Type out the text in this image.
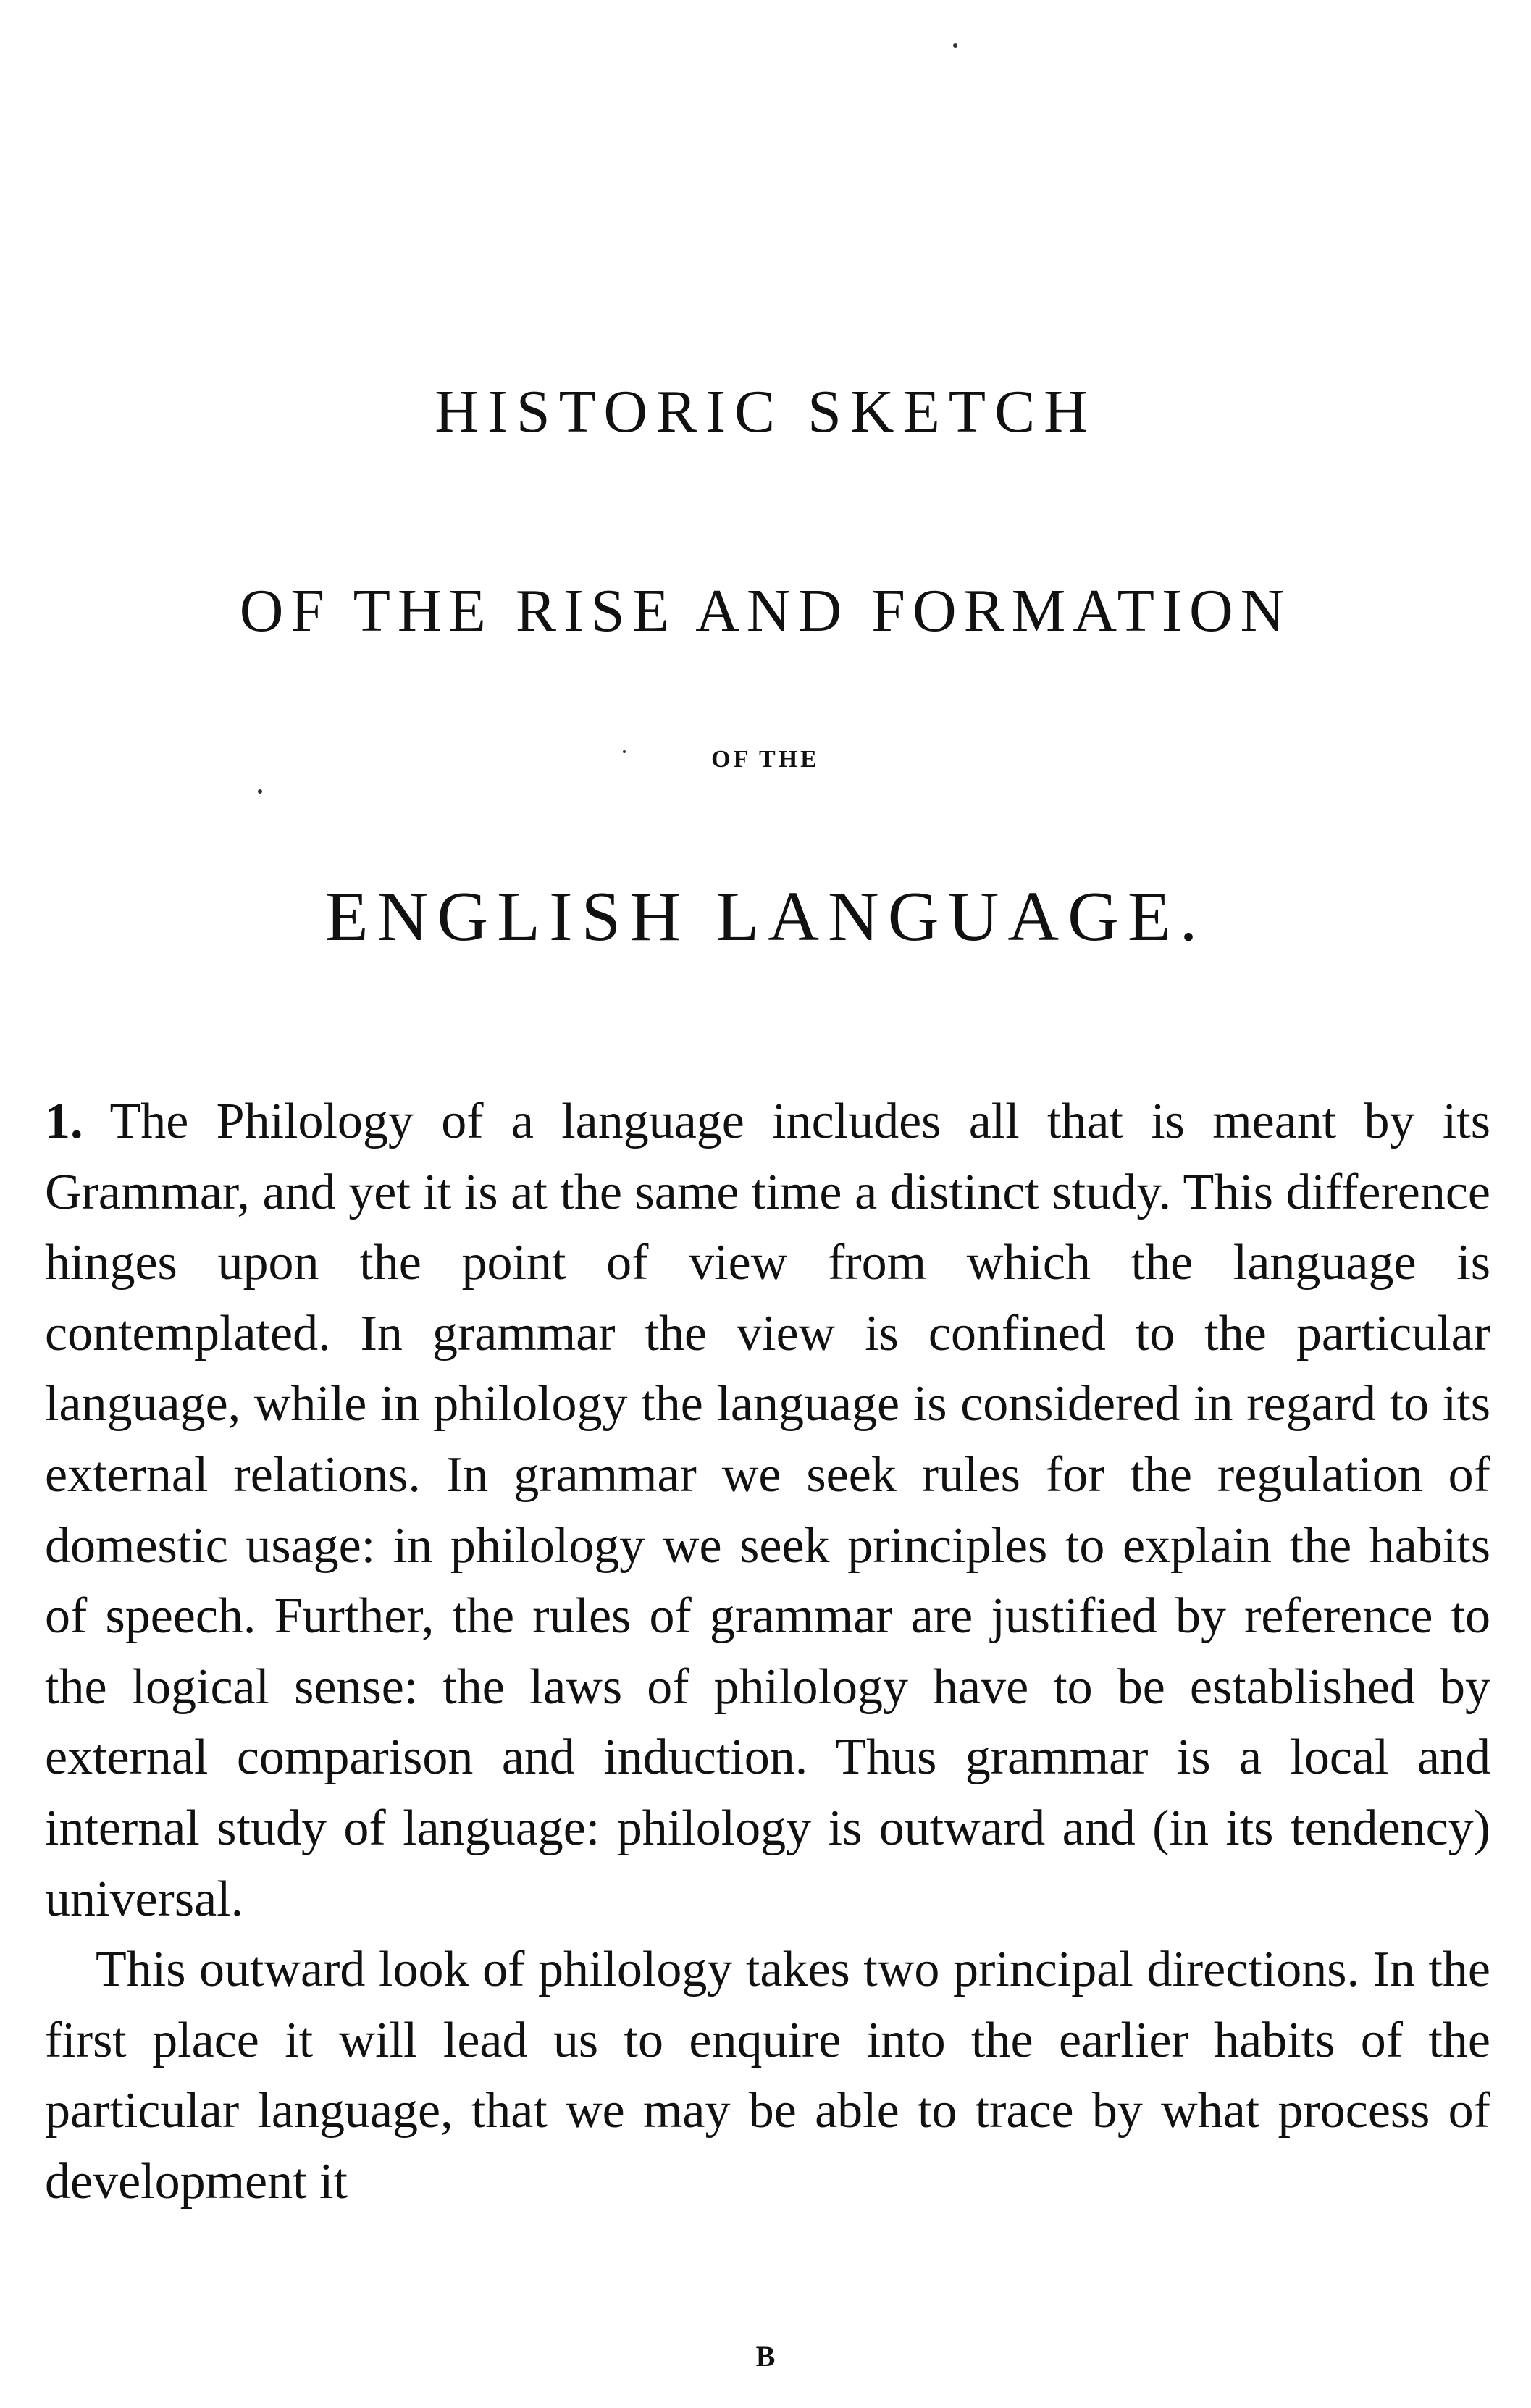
HISTORIC SKETCH
OF THE RISE AND FORMATION
OF THE
ENGLISH LANGUAGE.

1. The Philology of a language includes all that is meant by its Grammar, and yet it is at the same time a distinct study. This difference hinges upon the point of view from which the language is contemplated. In grammar the view is confined to the particular language, while in philology the language is considered in regard to its external relations. In grammar we seek rules for the regulation of domestic usage: in philology we seek principles to explain the habits of speech. Further, the rules of grammar are justified by reference to the logical sense: the laws of philology have to be established by external comparison and induction. Thus grammar is a local and internal study of language: philology is outward and (in its tendency) universal.

This outward look of philology takes two principal directions. In the first place it will lead us to enquire into the earlier habits of the particular language, that we may be able to trace by what process of development it

B
